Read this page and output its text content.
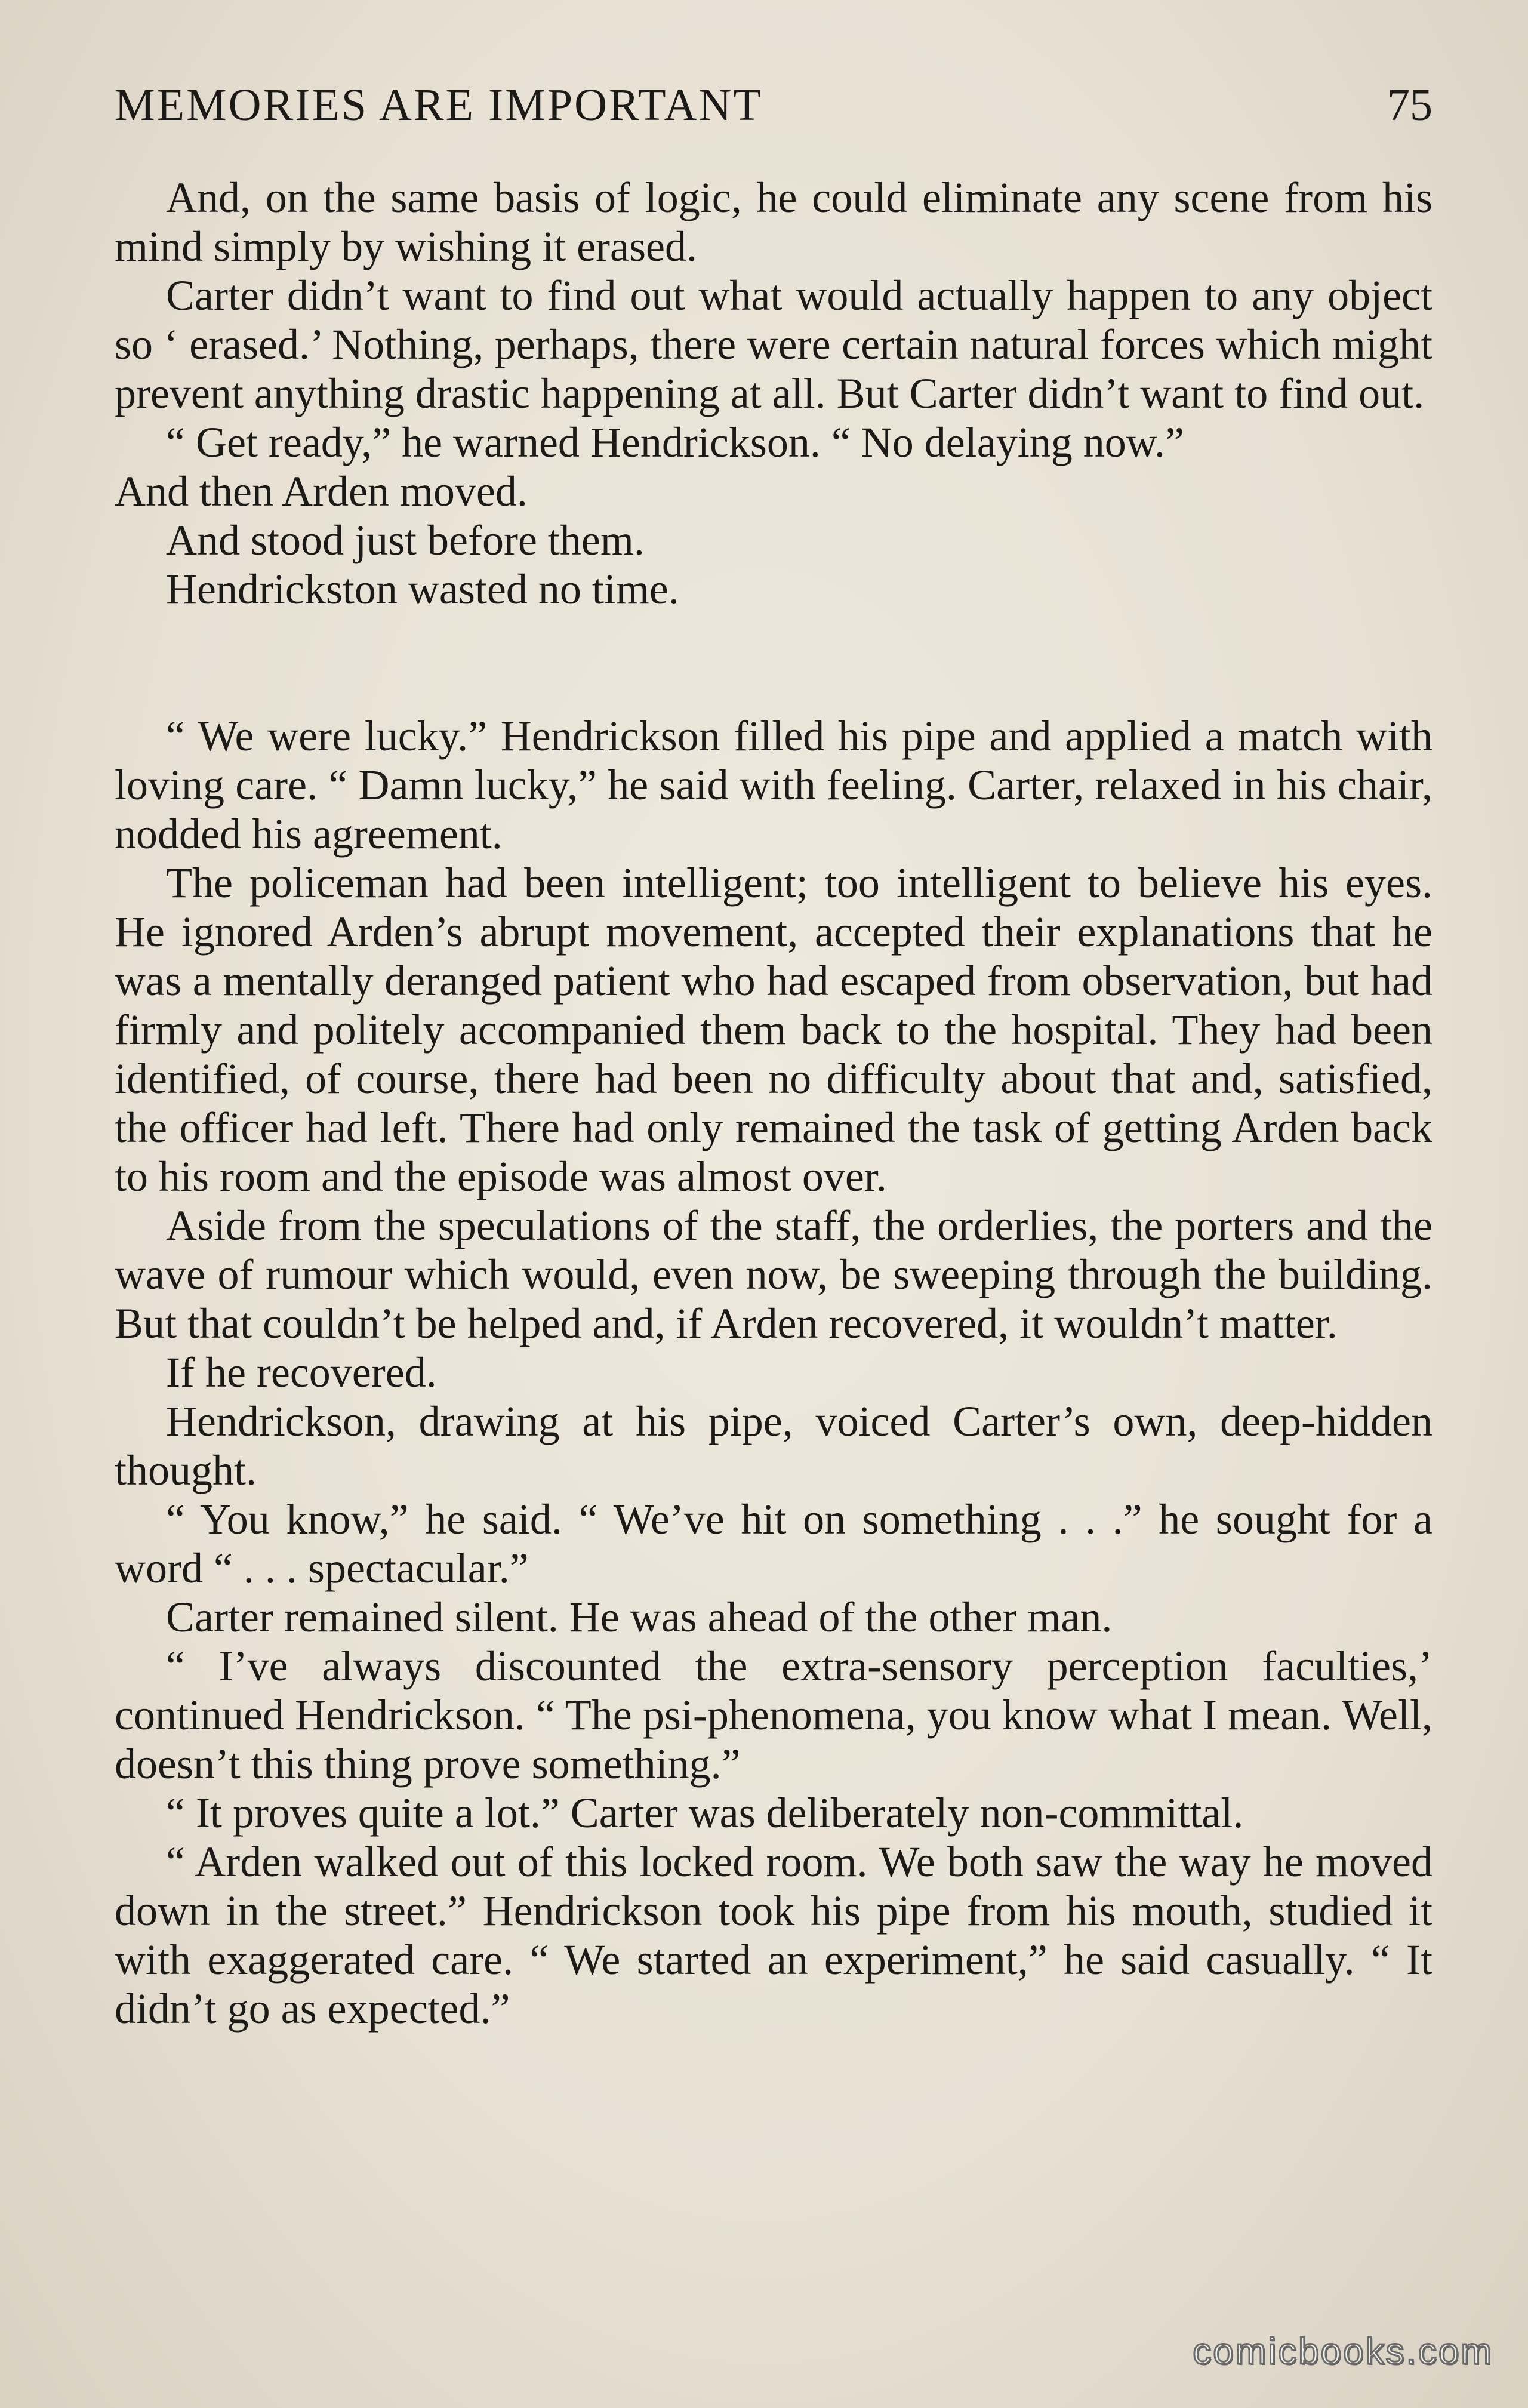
MEMORIES ARE IMPORTANT	75

And, on the same basis of logic, he could eliminate any scene from his mind simply by wishing it erased.

Carter didn’t want to find out what would actually happen to any object so ‘ erased.’ Nothing, perhaps, there were certain natural forces which might prevent anything drastic happening at all. But Carter didn’t want to find out.

“ Get ready,” he warned Hendrickson. “ No delaying now.”

And then Arden moved.

And stood just before them.

Hendrickston wasted no time.

“ We were lucky.” Hendrickson filled his pipe and applied a match with loving care. “ Damn lucky,” he said with feeling. Carter, relaxed in his chair, nodded his agreement.

The policeman had been intelligent; too intelligent to believe his eyes. He ignored Arden’s abrupt movement, accepted their explanations that he was a mentally deranged patient who had escaped from observation, but had firmly and politely accompanied them back to the hospital. They had been identified, of course, there had been no difficulty about that and, satisfied, the officer had left. There had only remained the task of getting Arden back to his room and the episode was almost over.

Aside from the speculations of the staff, the orderlies, the porters and the wave of rumour which would, even now, be sweeping through the building. But that couldn’t be helped and, if Arden recovered, it wouldn’t matter.

If he recovered.

Hendrickson, drawing at his pipe, voiced Carter’s own, deep-hidden thought.

“ You know,” he said. “ We’ve hit on something . . .” he sought for a word “ . . . spectacular.”

Carter remained silent. He was ahead of the other man.

“ I’ve always discounted the extra-sensory perception faculties,’ continued Hendrickson. “ The psi-phenomena, you know what I mean. Well, doesn’t this thing prove something.”

“ It proves quite a lot.” Carter was deliberately non-committal.

“ Arden walked out of this locked room. We both saw the way he moved down in the street.” Hendrickson took his pipe from his mouth, studied it with exaggerated care. “ We started an experiment,” he said casually. “ It didn’t go as expected.”

comicbooks.com
